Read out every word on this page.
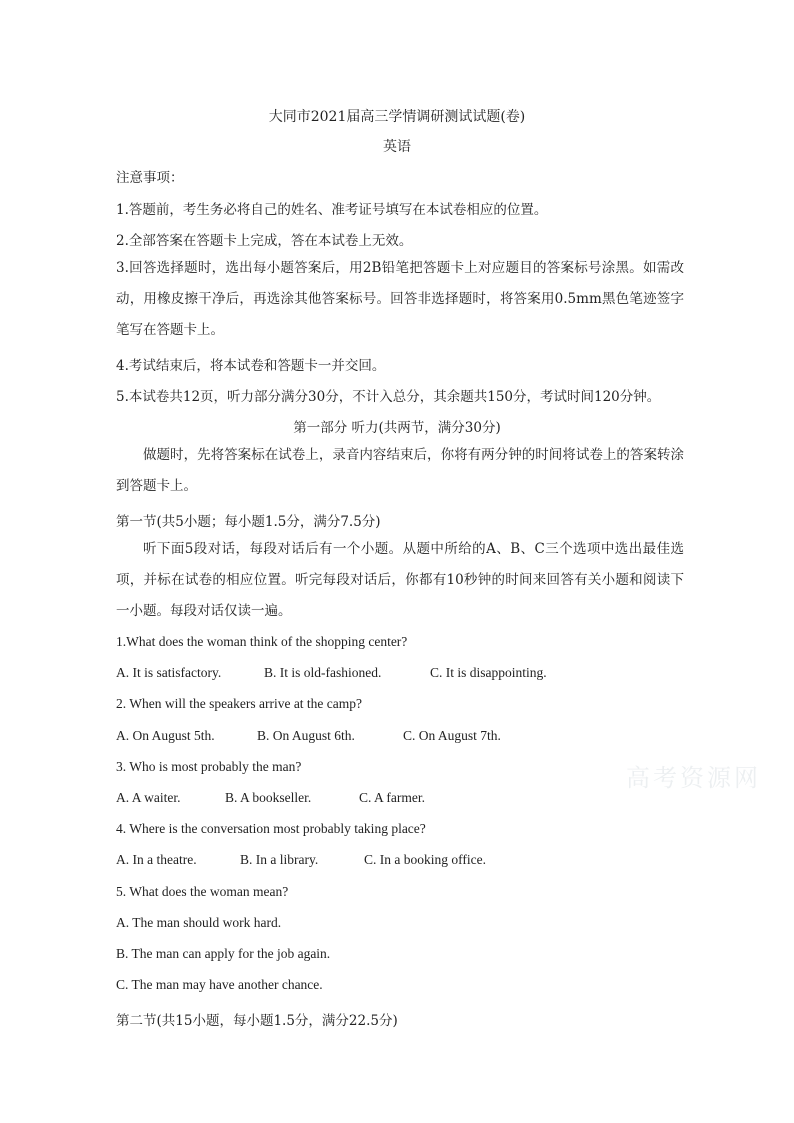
大同市2021届高三学情调研测试试题(卷)
英语
注意事项：
1.答题前，考生务必将自己的姓名、准考证号填写在本试卷相应的位置。
2.全部答案在答题卡上完成，答在本试卷上无效。
3.回答选择题时，选出每小题答案后，用2B铅笔把答题卡上对应题目的答案标号涂黑。如需改动，用橡皮擦干净后，再选涂其他答案标号。回答非选择题时，将答案用0.5mm黑色笔迹签字笔写在答题卡上。
4.考试结束后，将本试卷和答题卡一并交回。
5.本试卷共12页，听力部分满分30分，不计入总分，其余题共150分，考试时间120分钟。
第一部分 听力(共两节，满分30分)
做题时，先将答案标在试卷上，录音内容结束后，你将有两分钟的时间将试卷上的答案转涂到答题卡上。
第一节(共5小题；每小题1.5分，满分7.5分)
听下面5段对话，每段对话后有一个小题。从题中所给的A、B、C三个选项中选出最佳选项，并标在试卷的相应位置。听完每段对话后，你都有10秒钟的时间来回答有关小题和阅读下一小题。每段对话仅读一遍。
1.What does the woman think of the shopping center?
A. It is satisfactory.	B. It is old-fashioned.	C. It is disappointing.
2. When will the speakers arrive at the camp?
A. On August 5th.	B. On August 6th.	C. On August 7th.
3. Who is most probably the man?
A. A waiter.	B. A bookseller.	C. A farmer.
4. Where is the conversation most probably taking place?
A. In a theatre.	B. In a library.	C. In a booking office.
5. What does the woman mean?
A. The man should work hard.
B. The man can apply for the job again.
C. The man may have another chance.
第二节(共15小题，每小题1.5分，满分22.5分)
高考资源网
